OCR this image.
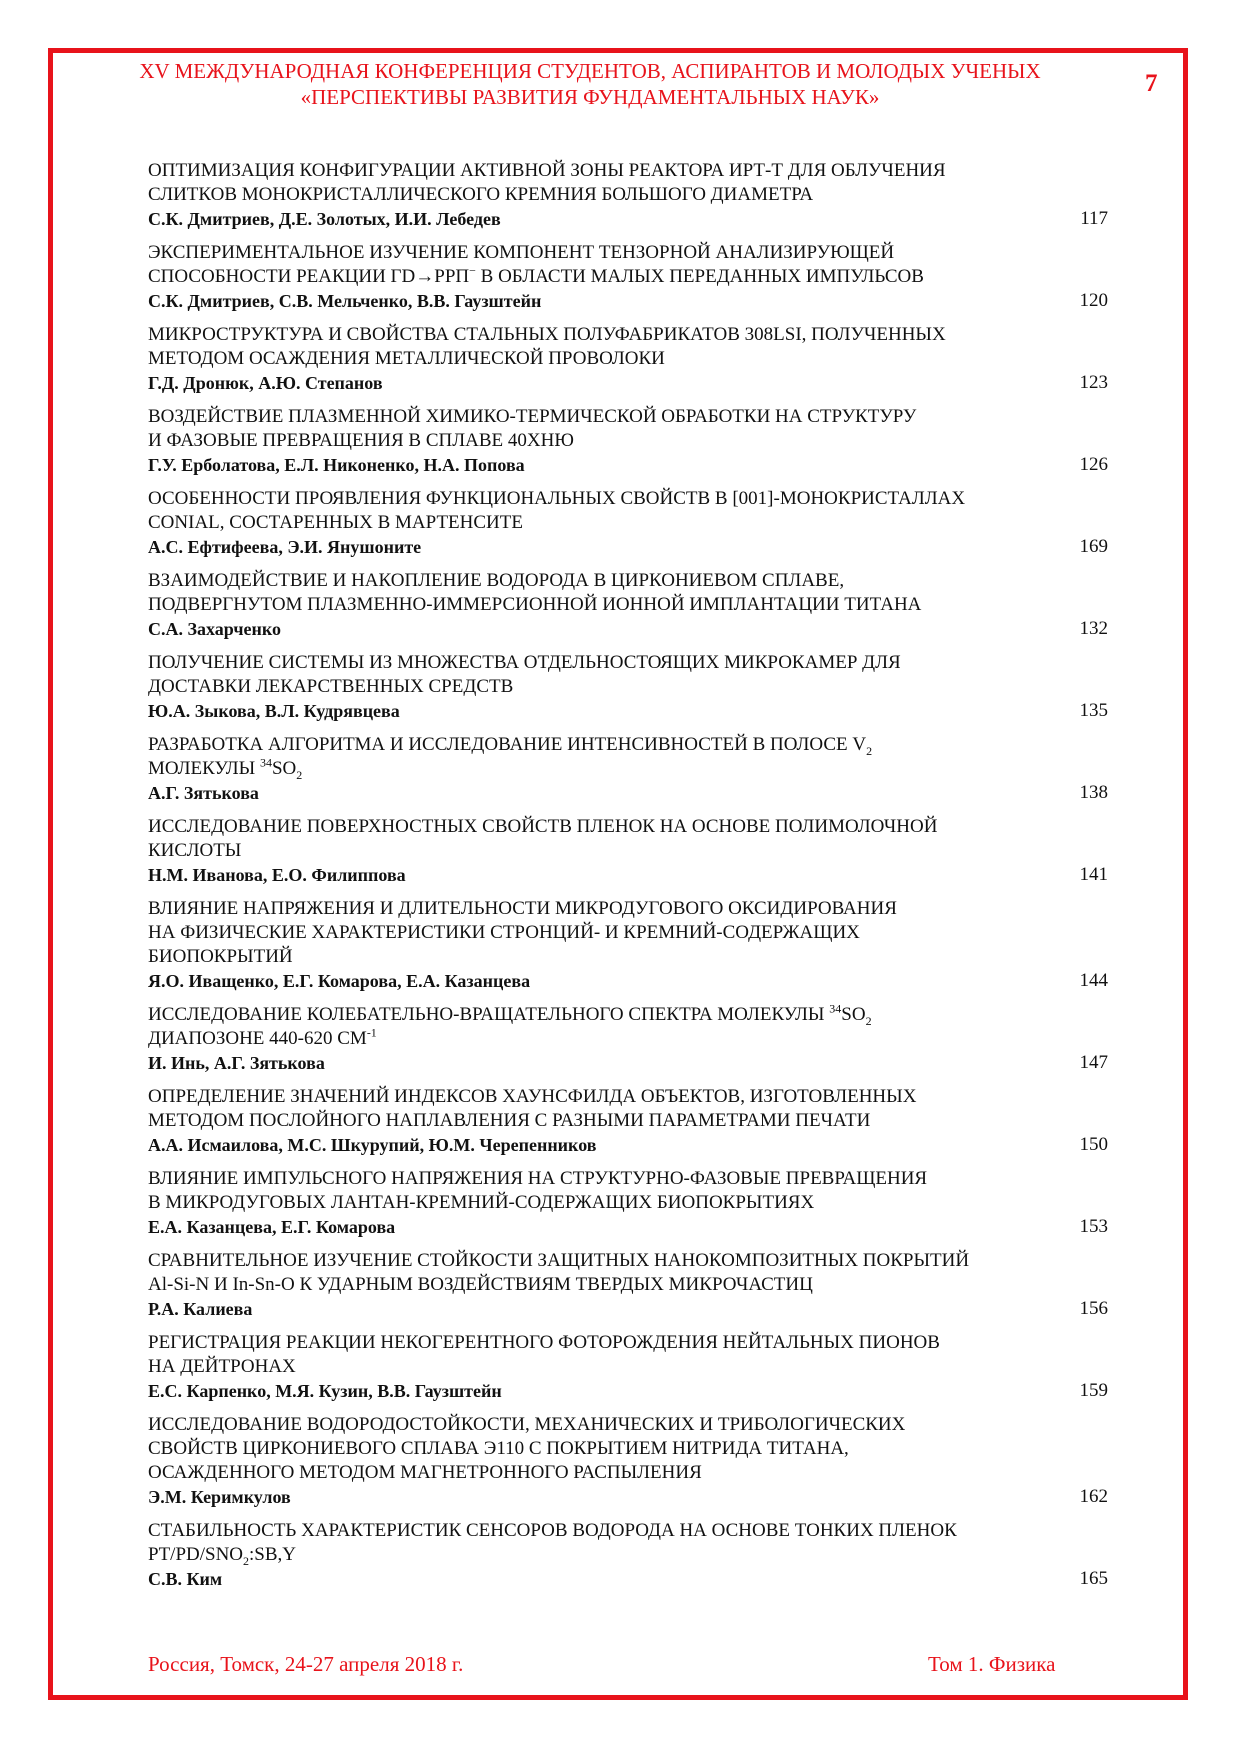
XV МЕЖДУНАРОДНАЯ КОНФЕРЕНЦИЯ СТУДЕНТОВ, АСПИРАНТОВ И МОЛОДЫХ УЧЕНЫХ
«ПЕРСПЕКТИВЫ РАЗВИТИЯ ФУНДАМЕНТАЛЬНЫХ НАУК»	7
ОПТИМИЗАЦИЯ КОНФИГУРАЦИИ АКТИВНОЙ ЗОНЫ РЕАКТОРА ИРТ-Т ДЛЯ ОБЛУЧЕНИЯ
СЛИТКОВ МОНОКРИСТАЛЛИЧЕСКОГО КРЕМНИЯ БОЛЬШОГО ДИАМЕТРА
С.К. Дмитриев, Д.Е. Золотых, И.И. Лебедев	117
ЭКСПЕРИМЕНТАЛЬНОЕ ИЗУЧЕНИЕ КОМПОНЕНТ ТЕНЗОРНОЙ АНАЛИЗИРУЮЩЕЙ
СПОСОБНОСТИ РЕАКЦИИ ΓD→ΡΡΠ− В ОБЛАСТИ МАЛЫХ ПЕРЕДАННЫХ ИМПУЛЬСОВ
С.К. Дмитриев, С.В. Мельченко, В.В. Гаузштейн	120
МИКРОСТРУКТУРА И СВОЙСТВА СТАЛЬНЫХ ПОЛУФАБРИКАТОВ 308LSI, ПОЛУЧЕННЫХ
МЕТОДОМ ОСАЖДЕНИЯ МЕТАЛЛИЧЕСКОЙ ПРОВОЛОКИ
Г.Д. Дронюк, А.Ю. Степанов	123
ВОЗДЕЙСТВИЕ ПЛАЗМЕННОЙ ХИМИКО-ТЕРМИЧЕСКОЙ ОБРАБОТКИ НА СТРУКТУРУ
И ФАЗОВЫЕ ПРЕВРАЩЕНИЯ В СПЛАВЕ 40ХНЮ
Г.У. Ерболатова, Е.Л. Никоненко, Н.А. Попова	126
ОСОБЕННОСТИ ПРОЯВЛЕНИЯ ФУНКЦИОНАЛЬНЫХ СВОЙСТВ В [001]-МОНОКРИСТАЛЛАХ
CONIAL, СОСТАРЕННЫХ В МАРТЕНСИТЕ
А.С. Ефтифеева, Э.И. Янушоните	169
ВЗАИМОДЕЙСТВИЕ И НАКОПЛЕНИЕ ВОДОРОДА В ЦИРКОНИЕВОМ СПЛАВЕ,
ПОДВЕРГНУТОМ ПЛАЗМЕННО-ИММЕРСИОННОЙ ИОННОЙ ИМПЛАНТАЦИИ ТИТАНА
С.А. Захарченко	132
ПОЛУЧЕНИЕ СИСТЕМЫ ИЗ МНОЖЕСТВА ОТДЕЛЬНОСТОЯЩИХ МИКРОКАМЕР ДЛЯ
ДОСТАВКИ ЛЕКАРСТВЕННЫХ СРЕДСТВ
Ю.А. Зыкова, В.Л. Кудрявцева	135
РАЗРАБОТКА АЛГОРИТМА И ИССЛЕДОВАНИЕ ИНТЕНСИВНОСТЕЙ В ПОЛОСЕ $V_2$
МОЛЕКУЛЫ $^{34}SO_2$
А.Г. Зятькова	138
ИССЛЕДОВАНИЕ ПОВЕРХНОСТНЫХ СВОЙСТВ ПЛЕНОК НА ОСНОВЕ ПОЛИМОЛОЧНОЙ
КИСЛОТЫ
Н.М. Иванова, Е.О. Филиппова	141
ВЛИЯНИЕ НАПРЯЖЕНИЯ И ДЛИТЕЛЬНОСТИ МИКРОДУГОВОГО ОКСИДИРОВАНИЯ
НА ФИЗИЧЕСКИЕ ХАРАКТЕРИСТИКИ СТРОНЦИЙ- И КРЕМНИЙ-СОДЕРЖАЩИХ
БИОПОКРЫТИЙ
Я.О. Иващенко, Е.Г. Комарова, Е.А. Казанцева	144
ИССЛЕДОВАНИЕ КОЛЕБАТЕЛЬНО-ВРАЩАТЕЛЬНОГО СПЕКТРА МОЛЕКУЛЫ $^{34}SO_2$
ДИАПОЗОНЕ 440-620 $СМ^{-1}$
И. Инь, А.Г. Зятькова	147
ОПРЕДЕЛЕНИЕ ЗНАЧЕНИЙ ИНДЕКСОВ ХАУНСФИЛДА ОБЪЕКТОВ, ИЗГОТОВЛЕННЫХ
МЕТОДОМ ПОСЛОЙНОГО НАПЛАВЛЕНИЯ С РАЗНЫМИ ПАРАМЕТРАМИ ПЕЧАТИ
А.А. Исмаилова, М.С. Шкурупий, Ю.М. Черепенников	150
ВЛИЯНИЕ ИМПУЛЬСНОГО НАПРЯЖЕНИЯ НА СТРУКТУРНО-ФАЗОВЫЕ ПРЕВРАЩЕНИЯ
В МИКРОДУГОВЫХ ЛАНТАН-КРЕМНИЙ-СОДЕРЖАЩИХ БИОПОКРЫТИЯХ
Е.А. Казанцева, Е.Г. Комарова	153
СРАВНИТЕЛЬНОЕ ИЗУЧЕНИЕ СТОЙКОСТИ ЗАЩИТНЫХ НАНОКОМПОЗИТНЫХ ПОКРЫТИЙ
Al-Si-N И In-Sn-O К УДАРНЫМ ВОЗДЕЙСТВИЯМ ТВЕРДЫХ МИКРОЧАСТИЦ
Р.А. Калиева	156
РЕГИСТРАЦИЯ РЕАКЦИИ НЕКОГЕРЕНТНОГО ФОТОРОЖДЕНИЯ НЕЙТАЛЬНЫХ ПИОНОВ
НА ДЕЙТРОНАХ
Е.С. Карпенко, М.Я. Кузин, В.В. Гаузштейн	159
ИССЛЕДОВАНИЕ ВОДОРОДОСТОЙКОСТИ, МЕХАНИЧЕСКИХ И ТРИБОЛОГИЧЕСКИХ
СВОЙСТВ ЦИРКОНИЕВОГО СПЛАВА Э110 С ПОКРЫТИЕМ НИТРИДА ТИТАНА,
ОСАЖДЕННОГО МЕТОДОМ МАГНЕТРОННОГО РАСПЫЛЕНИЯ
Э.М. Керимкулов	162
СТАБИЛЬНОСТЬ ХАРАКТЕРИСТИК СЕНСОРОВ ВОДОРОДА НА ОСНОВЕ ТОНКИХ ПЛЕНОК
$PT/PD/SNO_2:SB,Y$
С.В. Ким	165
Россия, Томск, 24-27 апреля 2018 г.	Том 1. Физика
